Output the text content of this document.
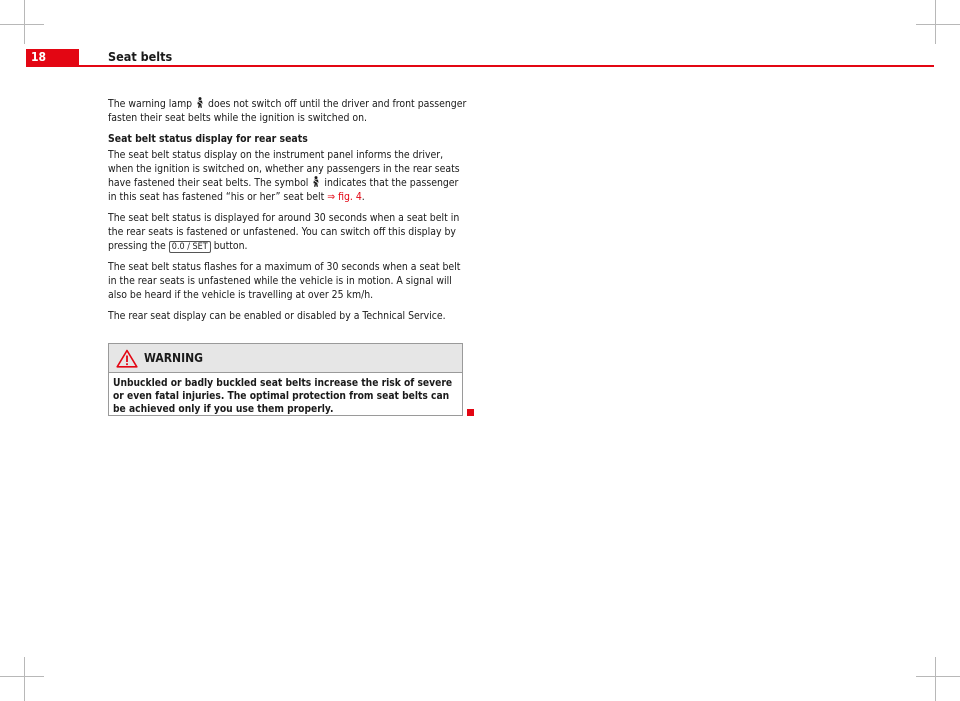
18	Seat belts

The warning lamp does not switch off until the driver and front passenger fasten their seat belts while the ignition is switched on.

Seat belt status display for rear seats

The seat belt status display on the instrument panel informs the driver, when the ignition is switched on, whether any passengers in the rear seats have fastened their seat belts. The symbol indicates that the passenger in this seat has fastened “his or her” seat belt ⇒ fig. 4.

The seat belt status is displayed for around 30 seconds when a seat belt in the rear seats is fastened or unfastened. You can switch off this display by pressing the 0.0 / SET button.

The seat belt status flashes for a maximum of 30 seconds when a seat belt in the rear seats is unfastened while the vehicle is in motion. A signal will also be heard if the vehicle is travelling at over 25 km/h.

The rear seat display can be enabled or disabled by a Technical Service.

WARNING
Unbuckled or badly buckled seat belts increase the risk of severe or even fatal injuries. The optimal protection from seat belts can be achieved only if you use them properly.
